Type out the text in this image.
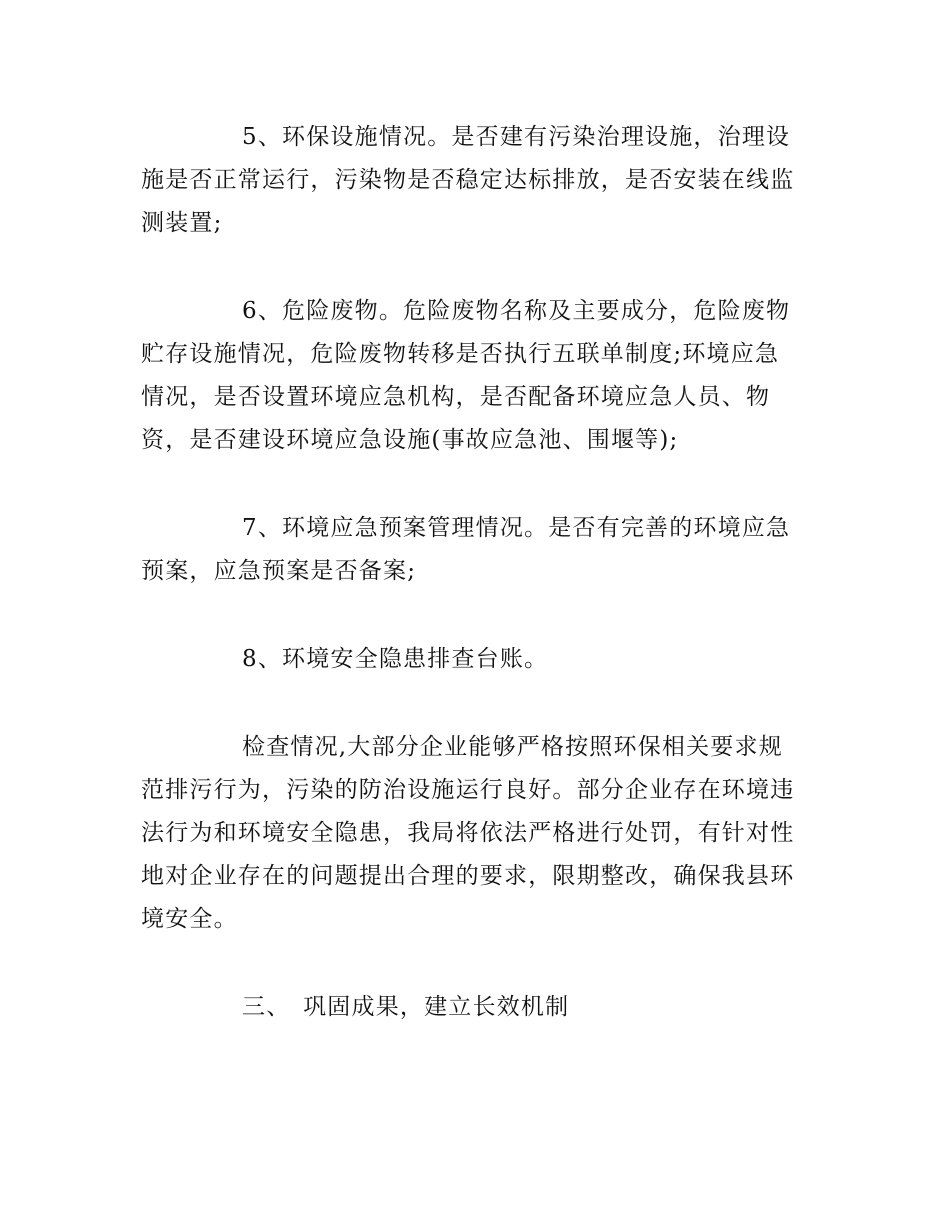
5、环保设施情况。是否建有污染治理设施，治理设
施是否正常运行，污染物是否稳定达标排放，是否安装在线监
测装置;
6、危险废物。危险废物名称及主要成分，危险废物
贮存设施情况，危险废物转移是否执行五联单制度;环境应急
情况，是否设置环境应急机构，是否配备环境应急人员、物
资，是否建设环境应急设施(事故应急池、围堰等);
7、环境应急预案管理情况。是否有完善的环境应急
预案，应急预案是否备案;
8、环境安全隐患排查台账。
检查情况,大部分企业能够严格按照环保相关要求规
范排污行为，污染的防治设施运行良好。部分企业存在环境违
法行为和环境安全隐患，我局将依法严格进行处罚，有针对性
地对企业存在的问题提出合理的要求，限期整改，确保我县环
境安全。
三、　巩固成果，建立长效机制
